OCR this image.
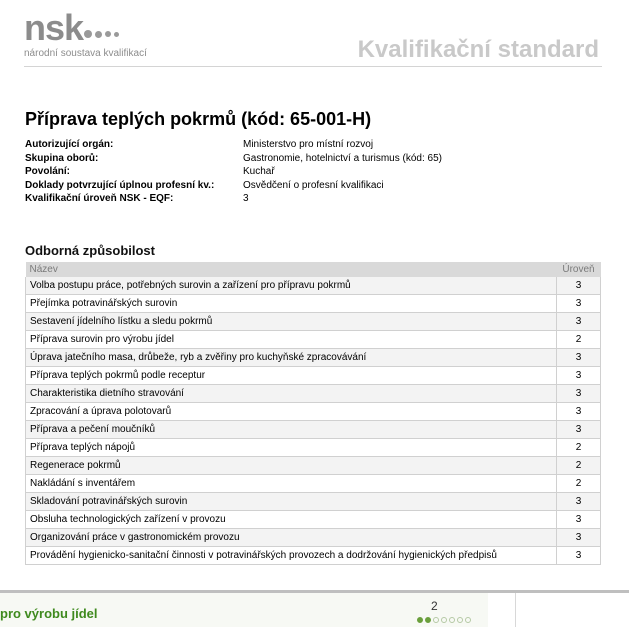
nsk
národní soustava kvalifikací	Kvalifikační standard
Příprava teplých pokrmů (kód: 65-001-H)
Autorizující orgán:	Ministerstvo pro místní rozvoj
Skupina oborů:	Gastronomie, hotelnictví a turismus (kód: 65)
Povolání:	Kuchař
Doklady potvrzující úplnou profesní kv.:	Osvědčení o profesní kvalifikaci
Kvalifikační úroveň NSK - EQF:	3
Odborná způsobilost
Název	Úroveň
Volba postupu práce, potřebných surovin a zařízení pro přípravu pokrmů	3
Přejímka potravinářských surovin	3
Sestavení jídelního lístku a sledu pokrmů	3
Příprava surovin pro výrobu jídel	2
Úprava jatečního masa, drůbeže, ryb a zvěřiny pro kuchyňské zpracovávání	3
Příprava teplých pokrmů podle receptur	3
Charakteristika dietního stravování	3
Zpracování a úprava polotovarů	3
Příprava a pečení moučníků	3
Příprava teplých nápojů	2
Regenerace pokrmů	2
Nakládání s inventářem	2
Skladování potravinářských surovin	3
Obsluha technologických zařízení v provozu	3
Organizování práce v gastronomickém provozu	3
Provádění hygienicko-sanitační činnosti v potravinářských provozech a dodržování hygienických předpisů	3
pro výrobu jídel	2
